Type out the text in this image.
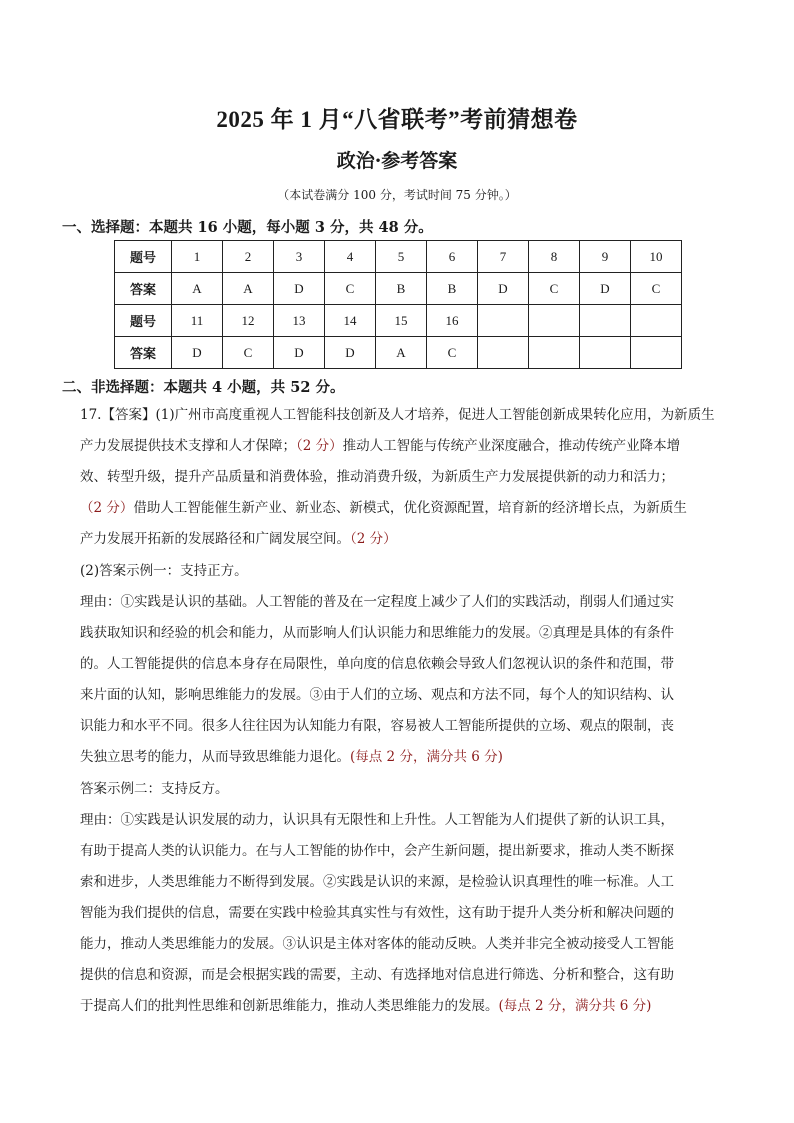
2025 年 1 月“八省联考”考前猜想卷
政治·参考答案
（本试卷满分 100 分，考试时间 75 分钟。）
一、选择题：本题共 16 小题，每小题 3 分，共 48 分。
题号	1	2	3	4	5	6	7	8	9	10
答案	A	A	D	C	B	B	D	C	D	C
题号	11	12	13	14	15	16				
答案	D	C	D	D	A	C				
二、非选择题：本题共 4 小题，共 52 分。
17.【答案】(1)广州市高度重视人工智能科技创新及人才培养，促进人工智能创新成果转化应用，为新质生
产力发展提供技术支撑和人才保障；（2 分）推动人工智能与传统产业深度融合，推动传统产业降本增
效、转型升级，提升产品质量和消费体验，推动消费升级，为新质生产力发展提供新的动力和活力；
（2 分）借助人工智能催生新产业、新业态、新模式，优化资源配置，培育新的经济增长点，为新质生
产力发展开拓新的发展路径和广阔发展空间。（2 分）
(2)答案示例一：支持正方。
理由：①实践是认识的基础。人工智能的普及在一定程度上减少了人们的实践活动，削弱人们通过实
践获取知识和经验的机会和能力，从而影响人们认识能力和思维能力的发展。②真理是具体的有条件
的。人工智能提供的信息本身存在局限性，单向度的信息依赖会导致人们忽视认识的条件和范围，带
来片面的认知，影响思维能力的发展。③由于人们的立场、观点和方法不同，每个人的知识结构、认
识能力和水平不同。很多人往往因为认知能力有限，容易被人工智能所提供的立场、观点的限制，丧
失独立思考的能力，从而导致思维能力退化。(每点 2 分，满分共 6 分)
答案示例二：支持反方。
理由：①实践是认识发展的动力，认识具有无限性和上升性。人工智能为人们提供了新的认识工具，
有助于提高人类的认识能力。在与人工智能的协作中，会产生新问题，提出新要求，推动人类不断探
索和进步，人类思维能力不断得到发展。②实践是认识的来源，是检验认识真理性的唯一标准。人工
智能为我们提供的信息，需要在实践中检验其真实性与有效性，这有助于提升人类分析和解决问题的
能力，推动人类思维能力的发展。③认识是主体对客体的能动反映。人类并非完全被动接受人工智能
提供的信息和资源，而是会根据实践的需要，主动、有选择地对信息进行筛选、分析和整合，这有助
于提高人们的批判性思维和创新思维能力，推动人类思维能力的发展。(每点 2 分，满分共 6 分)
